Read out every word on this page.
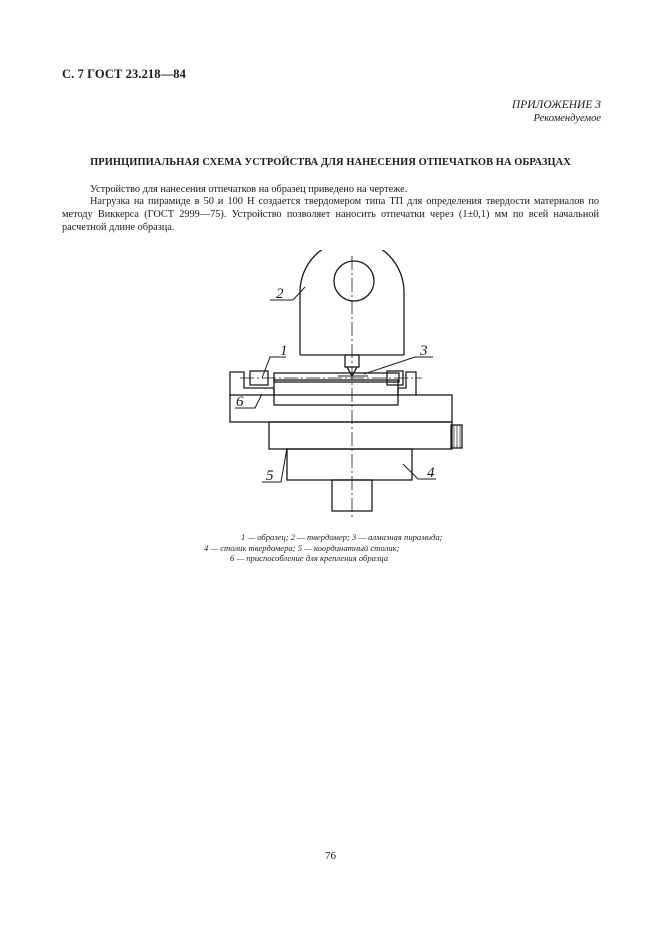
С. 7 ГОСТ 23.218—84
ПРИЛОЖЕНИЕ 3
Рекомендуемое
ПРИНЦИПИАЛЬНАЯ СХЕМА УСТРОЙСТВА ДЛЯ НАНЕСЕНИЯ ОТПЕЧАТКОВ НА ОБРАЗЦАХ
Устройство для нанесения отпечатков на образец приведено на чертеже.
Нагрузка на пирамиде в 50 и 100 Н создается твердомером типа ТП для определения твердости материалов по методу Виккерса (ГОСТ 2999—75). Устройство позволяет наносить отпечатки через (1±0,1) мм по всей начальной расчетной длине образца.
1
2
3
4
5
6
1 — образец; 2 — твердомер; 3 — алмазная пирамида;
4 — столик твердомера; 5 — координатный столик;
6 — приспособление для крепления образца
76
